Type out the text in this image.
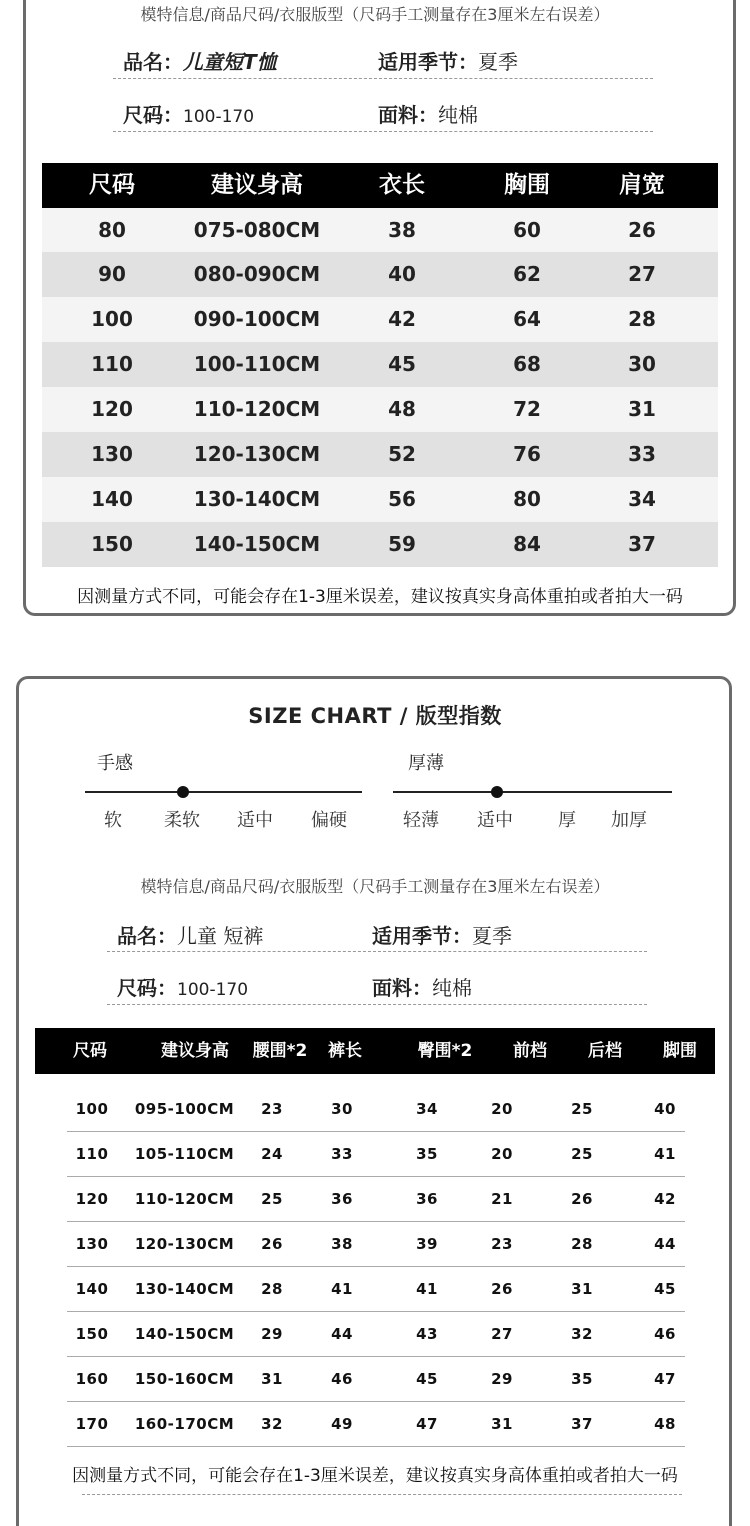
模特信息/商品尺码/衣服版型（尺码手工测量存在3厘米左右误差）
品名：儿童短T恤	适用季节：夏季
尺码：100-170	面料：纯棉
尺码	建议身高	衣长	胸围	肩宽
80	075-080CM	38	60	26
90	080-090CM	40	62	27
100	090-100CM	42	64	28
110	100-110CM	45	68	30
120	110-120CM	48	72	31
130	120-130CM	52	76	33
140	130-140CM	56	80	34
150	140-150CM	59	84	37
因测量方式不同，可能会存在1-3厘米误差，建议按真实身高体重拍或者拍大一码
SIZE CHART / 版型指数
手感
软 柔软 适中 偏硬
厚薄
轻薄 适中	厚 加厚
模特信息/商品尺码/衣服版型（尺码手工测量存在3厘米左右误差）
品名：儿童 短裤	适用季节：夏季
尺码：100-170	面料：纯棉
尺码	建议身高	腰围*2	裤长	臀围*2	前档	后档	脚围
100	095-100CM	23	30	34	20	25	40
110	105-110CM	24	33	35	20	25	41
120	110-120CM	25	36	36	21	26	42
130	120-130CM	26	38	39	23	28	44
140	130-140CM	28	41	41	26	31	45
150	140-150CM	29	44	43	27	32	46
160	150-160CM	31	46	45	29	35	47
170	160-170CM	32	49	47	31	37	48
因测量方式不同，可能会存在1-3厘米误差，建议按真实身高体重拍或者拍大一码
